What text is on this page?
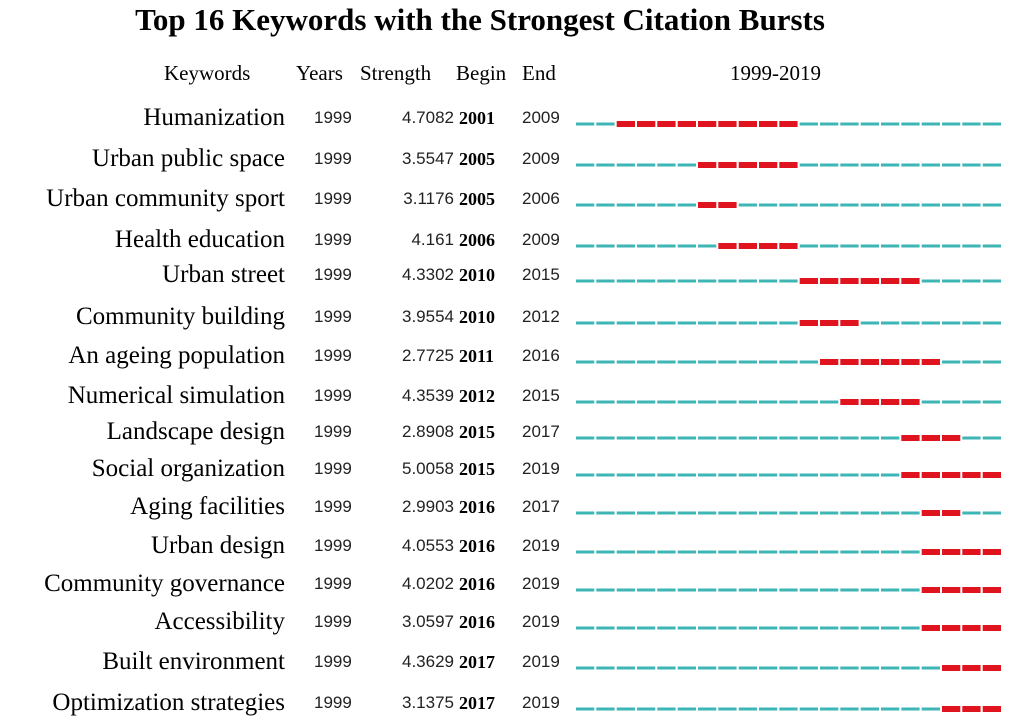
Top 16 Keywords with the Strongest Citation Bursts
Keywords Years Strength Begin End	1999-2019
Humanization 1999	4.7082 2001 2009
Urban public space 1999	3.5547 2005 2009
Urban community sport 1999	3.1176 2005 2006
Health education 1999	4.161 2006 2009
Urban street 1999	4.3302 2010 2015
Community building 1999	3.9554 2010 2012
An ageing population 1999	2.7725 2011 2016
Numerical simulation 1999	4.3539 2012 2015
Landscape design 1999	2.8908 2015 2017
Social organization 1999	5.0058 2015 2019
Aging facilities 1999	2.9903 2016 2017
Urban design 1999	4.0553 2016 2019
Community governance 1999	4.0202 2016 2019
Accessibility 1999	3.0597 2016 2019
Built environment 1999	4.3629 2017 2019
Optimization strategies 1999	3.1375 2017 2019
